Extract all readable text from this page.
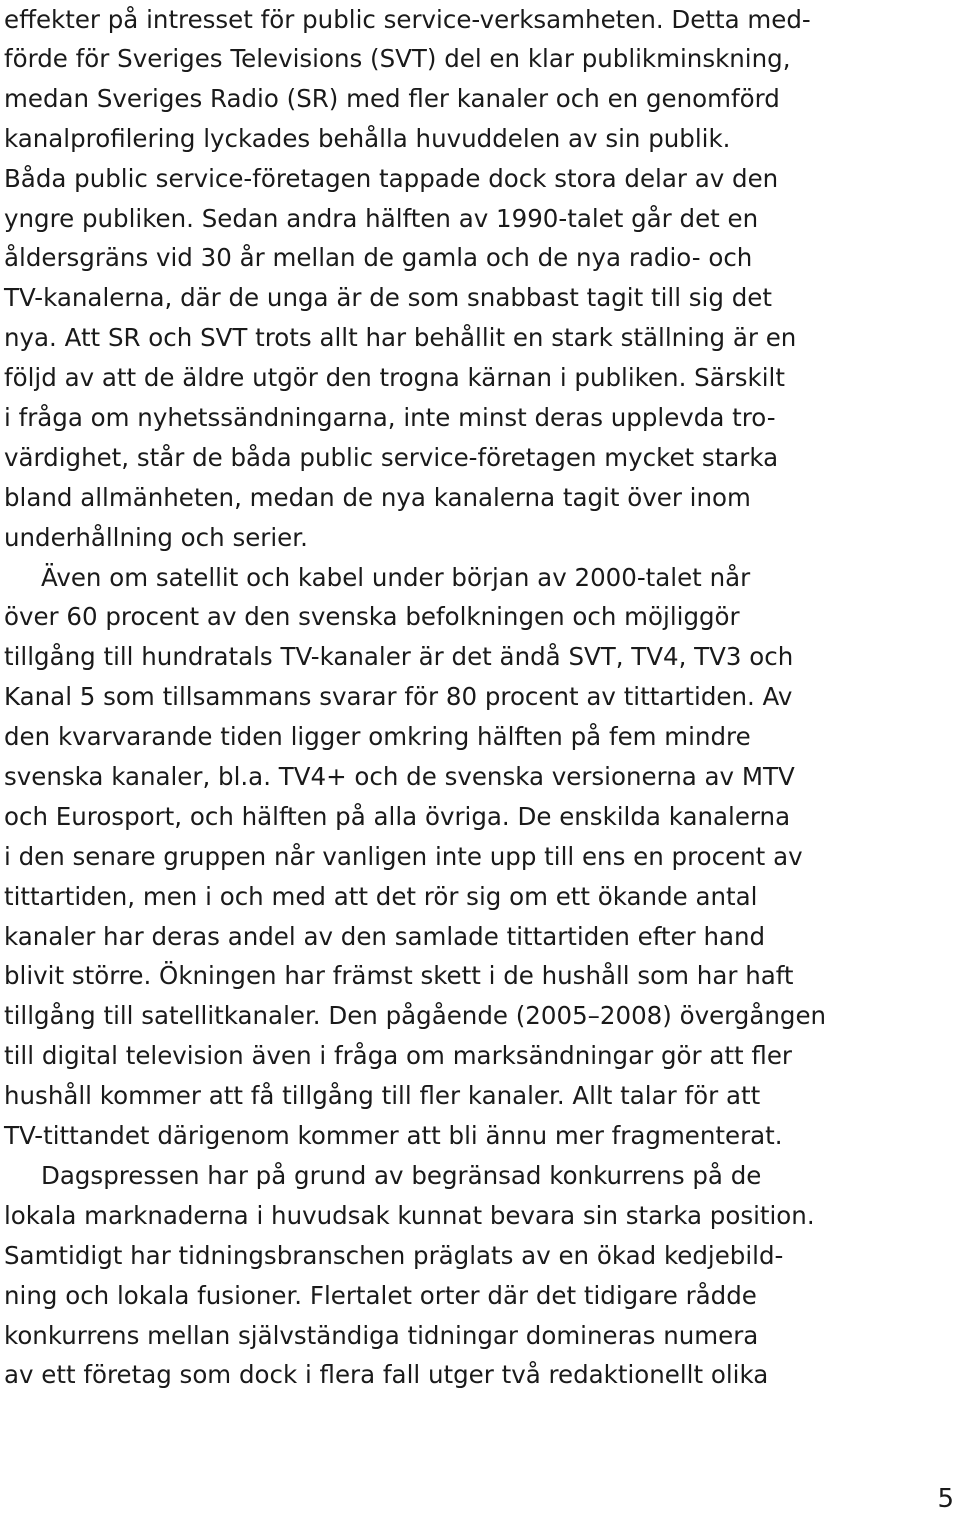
effekter på intresset för public service-verksamheten. Detta med-
förde för Sveriges Televisions (SVT) del en klar publikminskning,
medan Sveriges Radio (SR) med fler kanaler och en genomförd
kanalprofilering lyckades behålla huvuddelen av sin publik.
Båda public service-företagen tappade dock stora delar av den
yngre publiken. Sedan andra hälften av 1990-talet går det en
åldersgräns vid 30 år mellan de gamla och de nya radio- och
TV-kanalerna, där de unga är de som snabbast tagit till sig det
nya. Att SR och SVT trots allt har behållit en stark ställning är en
följd av att de äldre utgör den trogna kärnan i publiken. Särskilt
i fråga om nyhetssändningarna, inte minst deras upplevda tro-
värdighet, står de båda public service-företagen mycket starka
bland allmänheten, medan de nya kanalerna tagit över inom
underhållning och serier.
Även om satellit och kabel under början av 2000-talet når
över 60 procent av den svenska befolkningen och möjliggör
tillgång till hundratals TV-kanaler är det ändå SVT, TV4, TV3 och
Kanal 5 som tillsammans svarar för 80 procent av tittartiden. Av
den kvarvarande tiden ligger omkring hälften på fem mindre
svenska kanaler, bl.a. TV4+ och de svenska versionerna av MTV
och Eurosport, och hälften på alla övriga. De enskilda kanalerna
i den senare gruppen når vanligen inte upp till ens en procent av
tittartiden, men i och med att det rör sig om ett ökande antal
kanaler har deras andel av den samlade tittartiden efter hand
blivit större. Ökningen har främst skett i de hushåll som har haft
tillgång till satellitkanaler. Den pågående (2005–2008) övergången
till digital television även i fråga om marksändningar gör att fler
hushåll kommer att få tillgång till fler kanaler. Allt talar för att
TV-tittandet därigenom kommer att bli ännu mer fragmenterat.
Dagspressen har på grund av begränsad konkurrens på de
lokala marknaderna i huvudsak kunnat bevara sin starka position.
Samtidigt har tidningsbranschen präglats av en ökad kedjebild-
ning och lokala fusioner. Flertalet orter där det tidigare rådde
konkurrens mellan självständiga tidningar domineras numera
av ett företag som dock i flera fall utger två redaktionellt olika
5
